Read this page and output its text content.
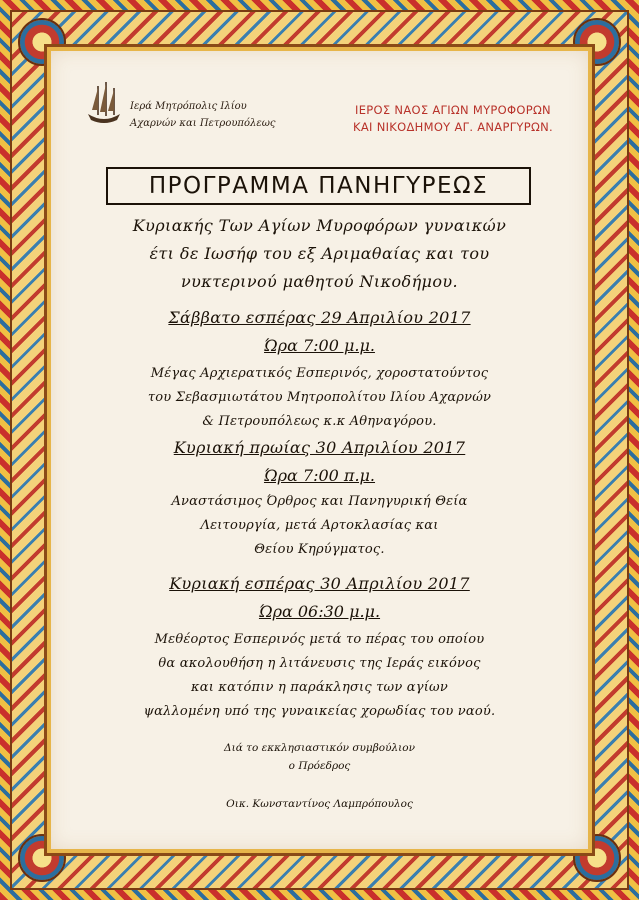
Ιερά Μητρόπολις Ιλίου
Αχαρνών και Πετρουπόλεως
ΙΕΡΟΣ ΝΑΟΣ ΑΓΙΩΝ ΜΥΡΟΦΟΡΩΝ
ΚΑΙ ΝΙΚΟΔΗΜΟΥ ΑΓ. ΑΝΑΡΓΥΡΩΝ.
ΠΡΟΓΡΑΜΜΑ ΠΑΝΗΓΥΡΕΩΣ
Κυριακής Των Αγίων Μυροφόρων γυναικών
έτι δε Ιωσήφ του εξ Αριμαθαίας και του
νυκτερινού μαθητού Νικοδήμου.
Σάββατο εσπέρας 29 Απριλίου 2017
Ώρα 7:00 μ.μ.
Μέγας Αρχιερατικός Εσπερινός, χοροστατούντος
του Σεβασμιωτάτου Μητροπολίτου Ιλίου Αχαρνών
& Πετρουπόλεως κ.κ Αθηναγόρου.
Κυριακή πρωίας 30 Απριλίου 2017
Ώρα 7:00 π.μ.
Αναστάσιμος Όρθρος και Πανηγυρική Θεία
Λειτουργία, μετά Αρτοκλασίας και
Θείου Κηρύγματος.
Κυριακή εσπέρας 30 Απριλίου 2017
Ώρα 06:30 μ.μ.
Μεθέορτος Εσπερινός μετά το πέρας του οποίου
θα ακολουθήση η λιτάνευσις της Ιεράς εικόνος
και κατόπιν η παράκλησις των αγίων
ψαλλομένη υπό της γυναικείας χορωδίας του ναού.
Διά το εκκλησιαστικόν συμβούλιον
ο Πρόεδρος
Οικ. Κωνσταντίνος Λαμπρόπουλος
